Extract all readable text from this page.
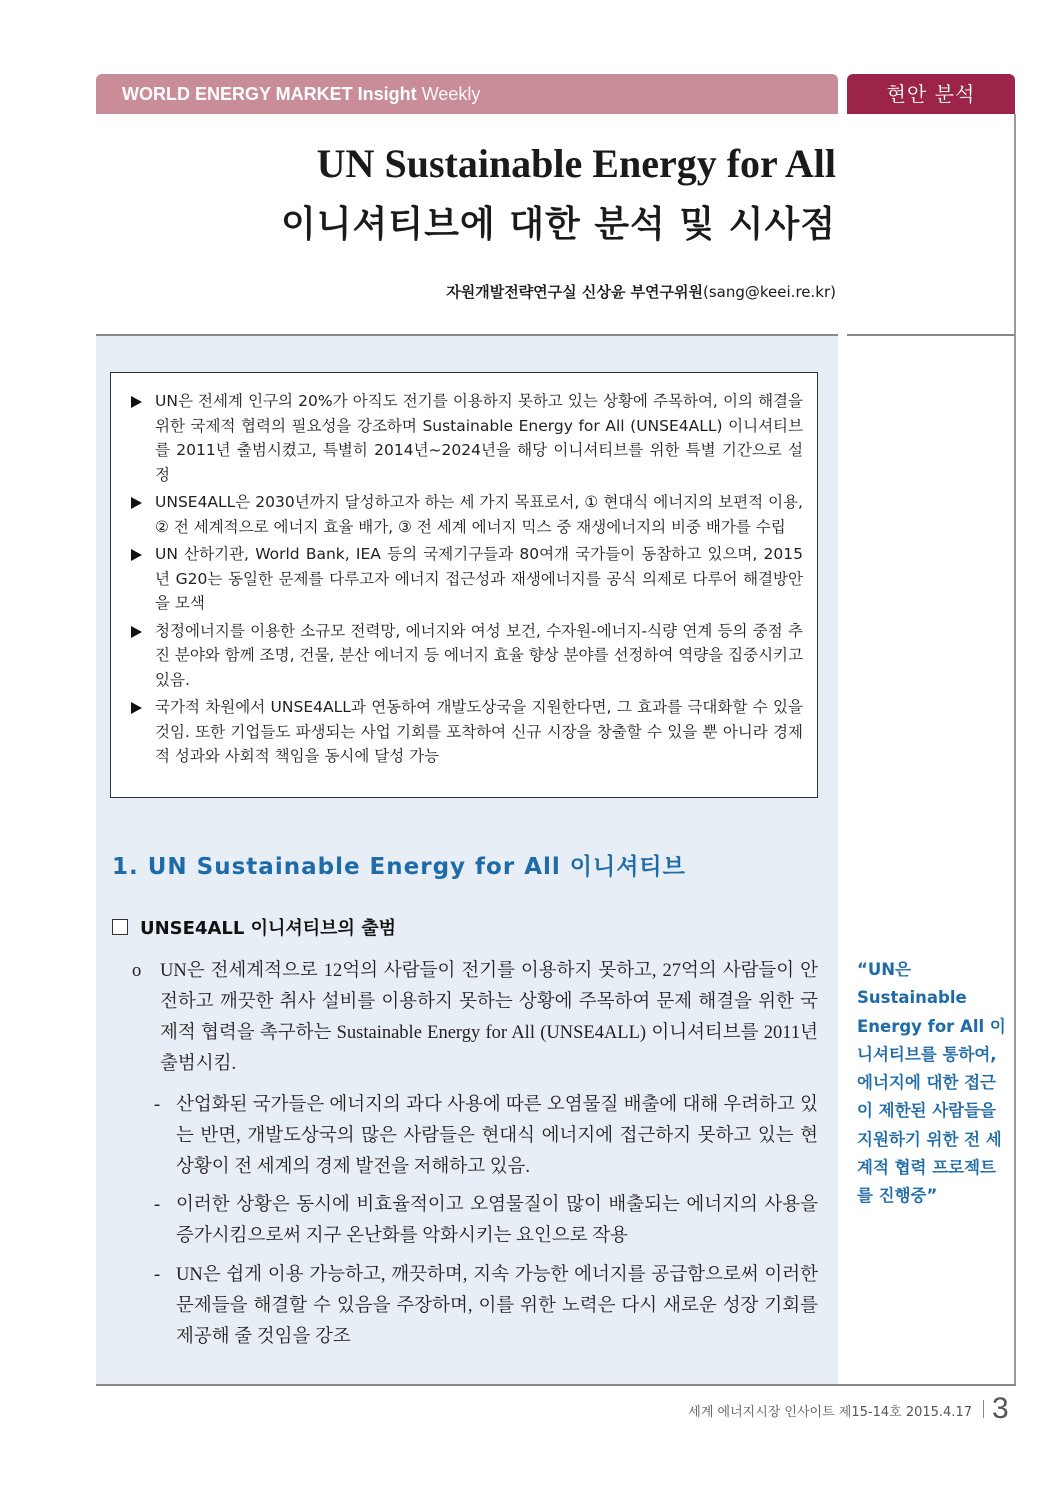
WORLD ENERGY MARKET Insight Weekly	현안 분석
UN Sustainable Energy for All
이니셔티브에 대한 분석 및 시사점
자원개발전략연구실 신상윤 부연구위원(sang@keei.re.kr)
UN은 전세계 인구의 20%가 아직도 전기를 이용하지 못하고 있는 상황에 주목하여, 이의 해결을 위한 국제적 협력의 필요성을 강조하며 Sustainable Energy for All (UNSE4ALL) 이니셔티브를 2011년 출범시켰고, 특별히 2014년~2024년을 해당 이니셔티브를 위한 특별 기간으로 설정
UNSE4ALL은 2030년까지 달성하고자 하는 세 가지 목표로서, ① 현대식 에너지의 보편적 이용, ② 전 세계적으로 에너지 효율 배가, ③ 전 세계 에너지 믹스 중 재생에너지의 비중 배가를 수립
UN 산하기관, World Bank, IEA 등의 국제기구들과 80여개 국가들이 동참하고 있으며, 2015년 G20는 동일한 문제를 다루고자 에너지 접근성과 재생에너지를 공식 의제로 다루어 해결방안을 모색
청정에너지를 이용한 소규모 전력망, 에너지와 여성 보건, 수자원-에너지-식량 연계 등의 중점 추진 분야와 함께 조명, 건물, 분산 에너지 등 에너지 효율 향상 분야를 선정하여 역량을 집중시키고 있음.
국가적 차원에서 UNSE4ALL과 연동하여 개발도상국을 지원한다면, 그 효과를 극대화할 수 있을 것임. 또한 기업들도 파생되는 사업 기회를 포착하여 신규 시장을 창출할 수 있을 뿐 아니라 경제적 성과와 사회적 책임을 동시에 달성 가능
1. UN Sustainable Energy for All 이니셔티브
UNSE4ALL 이니셔티브의 출범
o UN은 전세계적으로 12억의 사람들이 전기를 이용하지 못하고, 27억의 사람들이 안전하고 깨끗한 취사 설비를 이용하지 못하는 상황에 주목하여 문제 해결을 위한 국제적 협력을 촉구하는 Sustainable Energy for All (UNSE4ALL) 이니셔티브를 2011년 출범시킴.
- 산업화된 국가들은 에너지의 과다 사용에 따른 오염물질 배출에 대해 우려하고 있는 반면, 개발도상국의 많은 사람들은 현대식 에너지에 접근하지 못하고 있는 현 상황이 전 세계의 경제 발전을 저해하고 있음.
- 이러한 상황은 동시에 비효율적이고 오염물질이 많이 배출되는 에너지의 사용을 증가시킴으로써 지구 온난화를 악화시키는 요인으로 작용
- UN은 쉽게 이용 가능하고, 깨끗하며, 지속 가능한 에너지를 공급함으로써 이러한 문제들을 해결할 수 있음을 주장하며, 이를 위한 노력은 다시 새로운 성장 기회를 제공해 줄 것임을 강조
“UN은 Sustainable Energy for All 이니셔티브를 통하여, 에너지에 대한 접근이 제한된 사람들을 지원하기 위한 전 세계적 협력 프로젝트를 진행중”
세계 에너지시장 인사이트 제15-14호 2015.4.17 3
